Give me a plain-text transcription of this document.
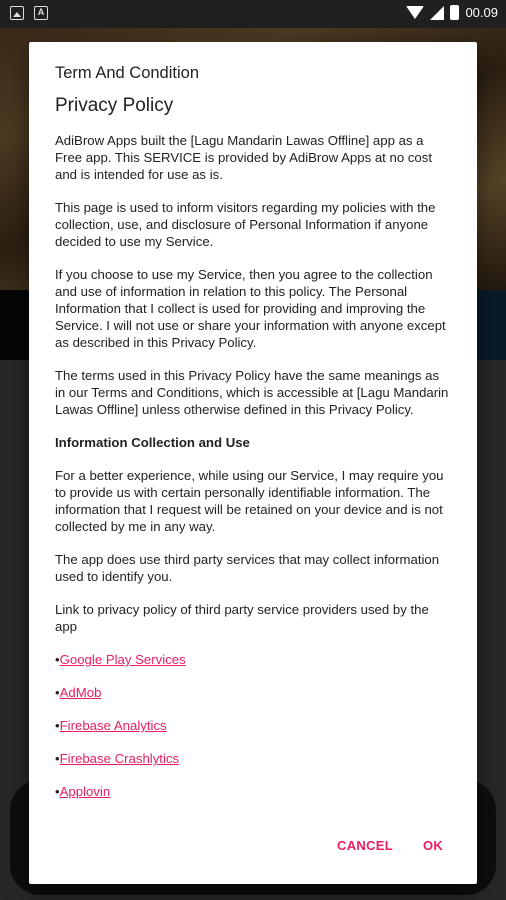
A	00.09
Term And Condition
Privacy Policy

AdiBrow Apps built the [Lagu Mandarin Lawas Offline] app as a Free app. This SERVICE is provided by AdiBrow Apps at no cost and is intended for use as is.

This page is used to inform visitors regarding my policies with the collection, use, and disclosure of Personal Information if anyone decided to use my Service.

If you choose to use my Service, then you agree to the collection and use of information in relation to this policy. The Personal Information that I collect is used for providing and improving the Service. I will not use or share your information with anyone except as described in this Privacy Policy.

The terms used in this Privacy Policy have the same meanings as in our Terms and Conditions, which is accessible at [Lagu Mandarin Lawas Offline] unless otherwise defined in this Privacy Policy.

Information Collection and Use

For a better experience, while using our Service, I may require you to provide us with certain personally identifiable information. The information that I request will be retained on your device and is not collected by me in any way.

The app does use third party services that may collect information used to identify you.

Link to privacy policy of third party service providers used by the app

•Google Play Services
•AdMob
•Firebase Analytics
•Firebase Crashlytics
•Applovin
CANCEL OK
